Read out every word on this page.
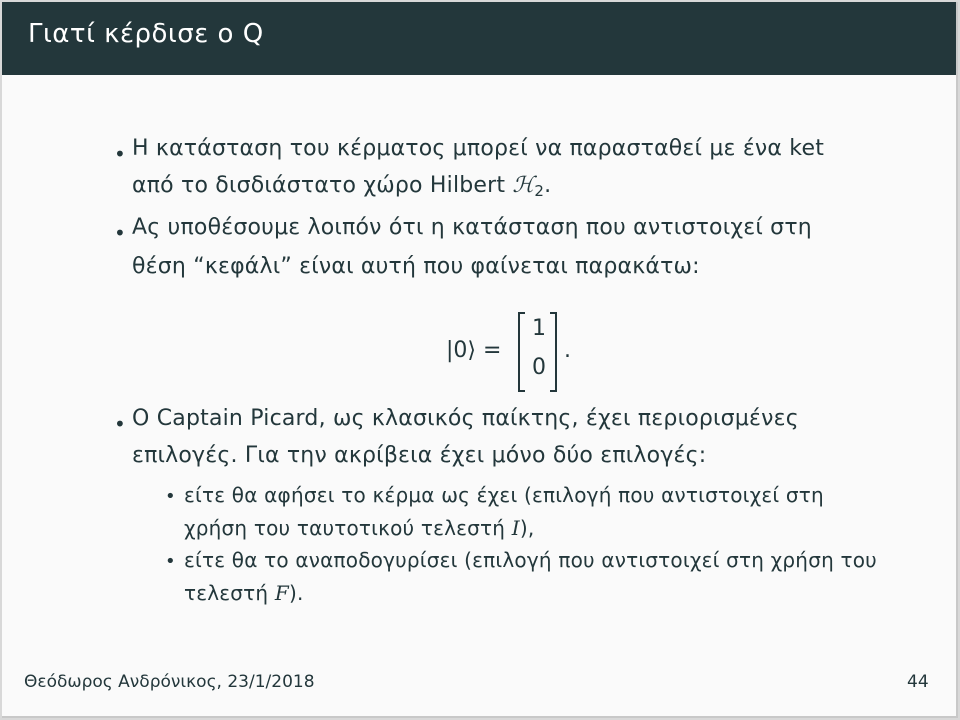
Γιατί κέρδισε ο Q
• Η κατάσταση του κέρματος μπορεί να παρασταθεί με ένα ket
από το δισδιάστατο χώρο Hilbert ℋ$_2$.
• Ας υποθέσουμε λοιπόν ότι η κατάσταση που αντιστοιχεί στη
θέση “κεφάλι” είναι αυτή που φαίνεται παρακάτω:
|0⟩ =
1
0
.
• Ο Captain Picard, ως κλασικός παίκτης, έχει περιορισμένες
επιλογές. Για την ακρίβεια έχει μόνο δύο επιλογές:
• είτε θα αφήσει το κέρμα ως έχει (επιλογή που αντιστοιχεί στη
χρήση του ταυτοτικού τελεστή I),
• είτε θα το αναποδογυρίσει (επιλογή που αντιστοιχεί στη χρήση του
τελεστή F).
Θεόδωρος Ανδρόνικος, 23/1/2018	44
